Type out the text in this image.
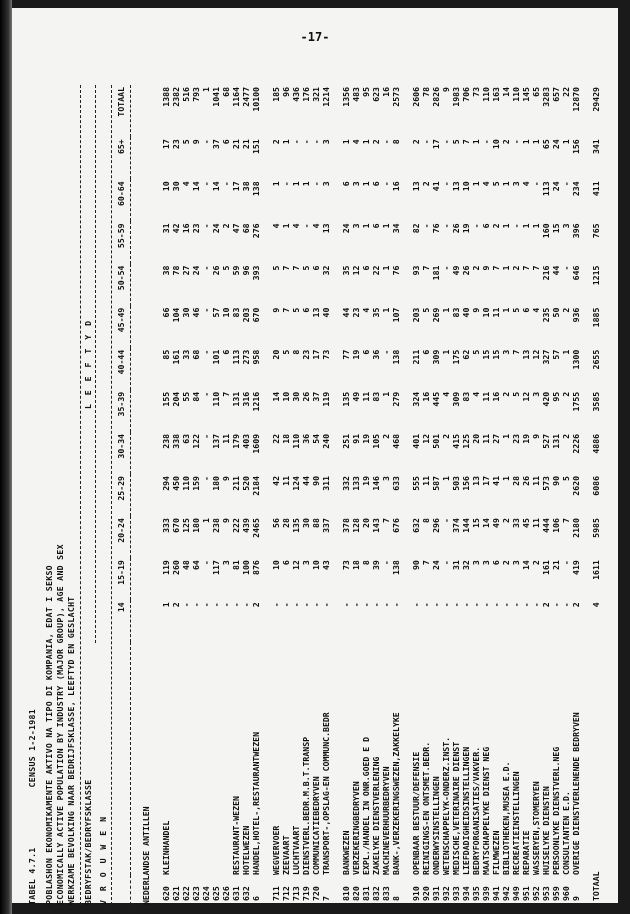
-17-
TABEL 4.7.1
CENSUS 1-2-1981 POBLASHON EKONOMIKAMENTE AKTIVO NA TIPO DI KOMPANIA, EDAT I SEKSO ECONOMICALLY ACTIVE POPULATION BY INDUSTRY (MAJOR GROUP), AGE AND SEX WERKZAME BEVOLKING NAAR BEDRIJFSKLASSE, LEEFTYD EN GESLACHT BEDRYFSTAK/BEDRYFSKLASSE
L E E F T Y D
V R O U W E N
		14	15-19	20-24	25-29	30-34	35-39	40-44	45-49	50-54	55-59	60-64	65+	TOTAAL

NEDERLANDSE ANTILLEN														

620	KLEINHANDEL	1	119	333	294	238	155	85	66	38	31	10	17	1388
621		2	260	670	450	338	204	161	104	78	42	30	23	2382
622		-	48	125	110	63	55	33	30	27	16	4	5	516
623		-	64	180	159	122	84	68	46	24	23	14	9	793
624		-	-	1	-	-	-	-	-	-	-	-	-	1
625		-	117	238	180	137	110	101	57	26	24	14	37	1041
626		-	3	9	9	11	7	6	10	5	2	-	6	68
631	RESTAURANT-WEZEN	-	81	222	211	179	131	113	83	59	47	17	21	1164
632	HOTELWEZEN	-	100	439	520	403	316	273	203	96	68	38	21	2477
6	HANDEL,HOTEL-,RESTAURANTWEZEN	2	876	2465	2184	1609	1216	958	670	393	276	138	151	10100

711	WEGVERVOER	-	10	56	42	22	14	20	9	5	4	1	2	185
712	ZEEVAART	-	6	28	11	18	10	5	7	7	1	-	1	96
713	LUCHTVAART	-	12	135	124	110	30	8	5	7	4	1	-	436
719	DIENSTVERL.BEDR.M.B.T.TRANSP	-	3	30	44	36	26	23	6	5	-	1	-	176
720	COMMUNICATIEBEDRYVEN	-	10	88	90	54	37	17	13	6	4	-	-	321
7	TRANSPORT-,OPSLAG-EN COMMUNC.BEDR	-	43	337	311	240	119	73	40	32	13	3	3	1214

810	BANKWEZEN	-	73	378	332	251	135	77	44	35	24	6	1	1356
820	VERZEKERINGBEDRYVEN	-	18	128	133	91	49	19	23	12	3	3	4	483
831	EXPL./HANDEL IN ONR.GOED E D	-	8	20	19	19	11	6	4	6	1	1	1	95
832	ZAKELYKE DIENSTVERLENING	-	39	143	146	105	83	36	35	22	6	6	2	623
833	MACHINEVERHUURBEDRYVEN	-	-	7	3	2	1	-	1	1	1	-	-	16
8	BANK-,VERZEKERINGSWEZEN,ZAKKELYKE	-	138	676	633	468	279	138	107	76	34	16	8	2573

910	OPENBAAR BESTUUR/DEFENSIE	-	90	632	555	401	324	211	203	93	82	13	2	2606
920	REINIGINGS-EN ONTSMET.BEDR.	-	7	8	11	12	16	6	5	7	-	2	-	78
931	ONDERWYSINSTELLINGEN	-	24	296	587	501	445	309	269	181	76	41	17	2826
932	WETENSCHAPPELYK-ONDERZ.INST.	-	-	-	1	2	4	1	1	-	-	-	-	9
933	MEDISCHE,VETERINAIRE DIENST	-	31	374	503	415	309	175	83	49	26	13	5	1983
934	LIEFDADIGHEIDSINSTELLINGEN	-	32	144	156	125	83	62	40	26	19	10	7	706
935	BEDRYFORGANISATIES/VAKVER.	-	3	15	13	20	4	5	9	2	-	1	1	73
939	MAATSCHAPPELYKE DIENST NEG	-	3	14	17	11	11	15	10	9	6	4	-	110
941	FILMWEZEN	-	6	49	41	27	16	15	11	7	2	5	10	163
942	BIBLIOTHEKEN,MUSEA E.D.	-	2	2	1	1	2	3	1	1	1	1	2	14
949	RECREATIEINSTELLINGEN	-	3	33	28	23	5	7	5	2	-	3	-	110
951	REPARATIE	-	14	45	26	19	12	13	6	7	1	4	1	145
952	WASSERYEN,STOMERYEN	-	2	11	11	9	3	12	4	7	1	-	1	65
953	HUISELYKE DIENSTEN	2	161	444	573	527	420	327	235	216	160	113	65	3283
959	PERSOONLYKE DIENSTVERL.NEG	-	21	106	90	131	95	57	50	44	15	24	24	657
960	CONSULTANTEN E.D.	-	-	7	5	2	2	1	2	-	3	-	1	22
9	OVERIGE DIENSTVERLENENDE BEDRYVEN	2	419	2180	2620	2226	1755	1300	936	646	396	234	156	12870

TOTAAL		4	1611	5985	6086	4886	3585	2655	1885	1215	765	411	341	29429
